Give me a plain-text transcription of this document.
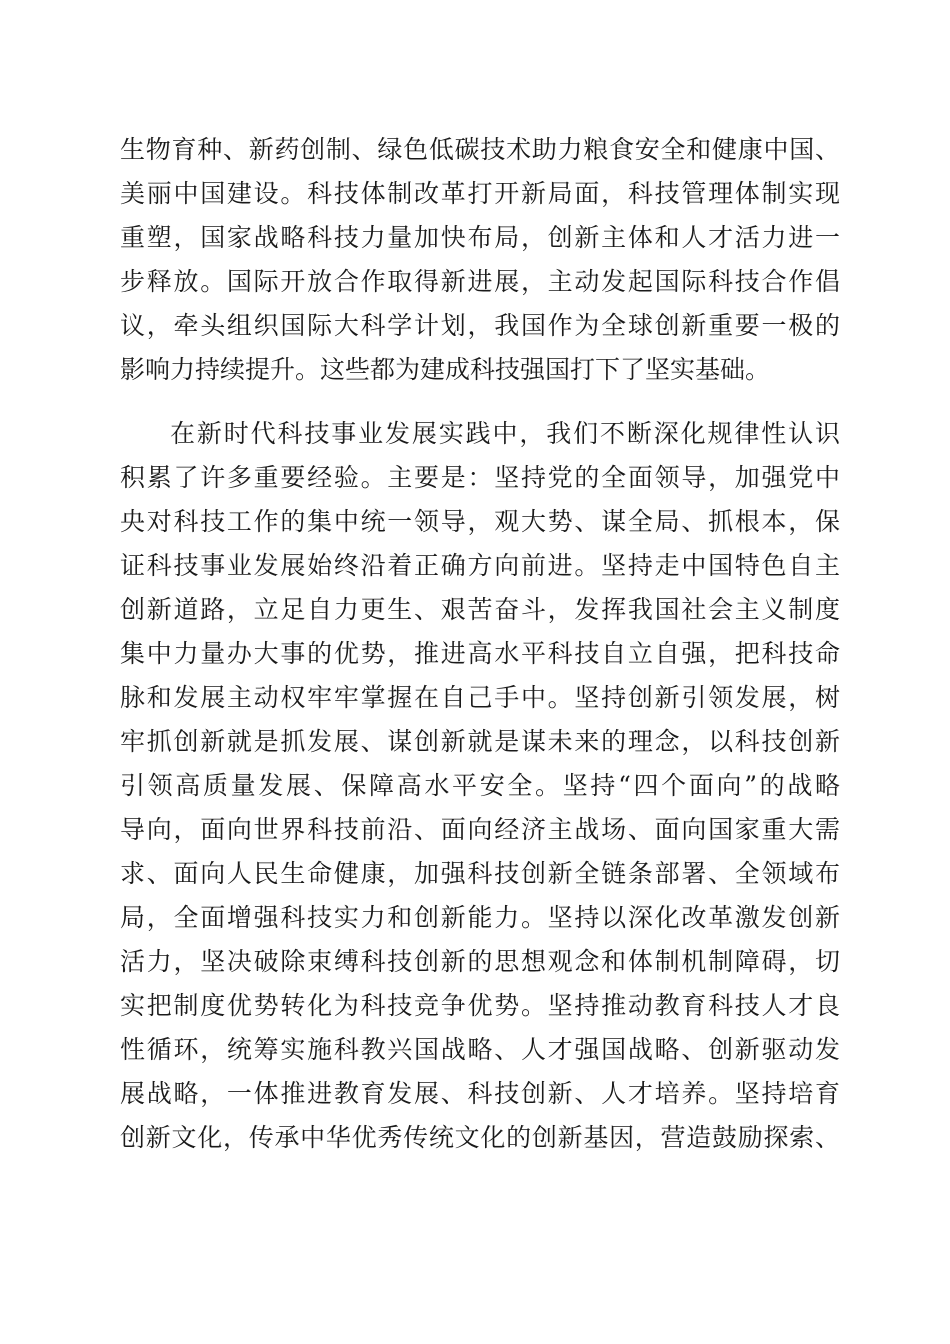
生物育种、新药创制、绿色低碳技术助力粮食安全和健康中国、
美丽中国建设。科技体制改革打开新局面，科技管理体制实现
重塑，国家战略科技力量加快布局，创新主体和人才活力进一
步释放。国际开放合作取得新进展，主动发起国际科技合作倡
议，牵头组织国际大科学计划，我国作为全球创新重要一极的
影响力持续提升。这些都为建成科技强国打下了坚实基础。
在新时代科技事业发展实践中，我们不断深化规律性认识
积累了许多重要经验。主要是：坚持党的全面领导，加强党中
央对科技工作的集中统一领导，观大势、谋全局、抓根本，保
证科技事业发展始终沿着正确方向前进。坚持走中国特色自主
创新道路，立足自力更生、艰苦奋斗，发挥我国社会主义制度
集中力量办大事的优势，推进高水平科技自立自强，把科技命
脉和发展主动权牢牢掌握在自己手中。坚持创新引领发展，树
牢抓创新就是抓发展、谋创新就是谋未来的理念，以科技创新
引领高质量发展、保障高水平安全。坚持“四个面向”的战略
导向，面向世界科技前沿、面向经济主战场、面向国家重大需
求、面向人民生命健康，加强科技创新全链条部署、全领域布
局，全面增强科技实力和创新能力。坚持以深化改革激发创新
活力，坚决破除束缚科技创新的思想观念和体制机制障碍，切
实把制度优势转化为科技竞争优势。坚持推动教育科技人才良
性循环，统筹实施科教兴国战略、人才强国战略、创新驱动发
展战略，一体推进教育发展、科技创新、人才培养。坚持培育
创新文化，传承中华优秀传统文化的创新基因，营造鼓励探索、
